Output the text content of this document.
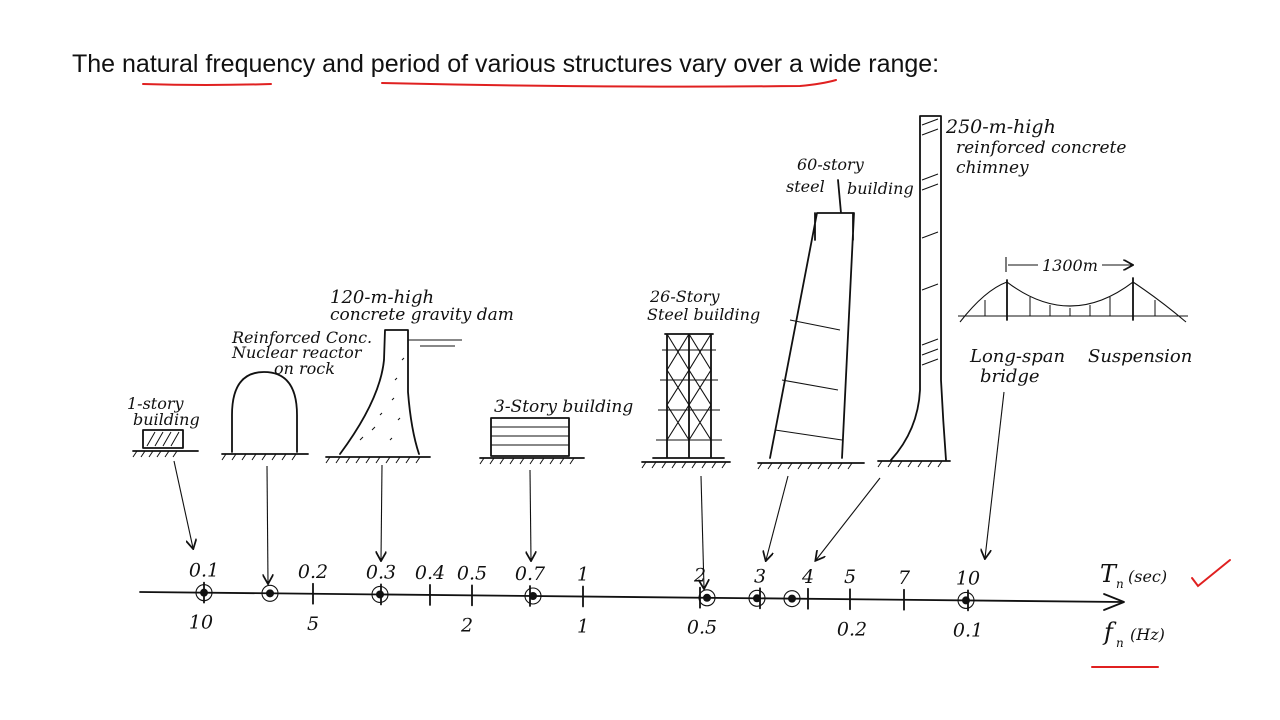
The natural frequency and period of various structures vary over a wide range:
1-story
building
Reinforced Conc.
Nuclear reactor
on rock
120-m-high
concrete gravity dam
3-Story building
26-Story
Steel building
60-story
steel building
250-m-high
reinforced concrete
chimney
1300m
Long-span Suspension
bridge
0.1	0.2 0.3 0.4 0.5 0.7 1	2	3 4 5 7 10
10	5	2	1	0.5	0.2	0.1
T n (sec)
f n (Hz)
